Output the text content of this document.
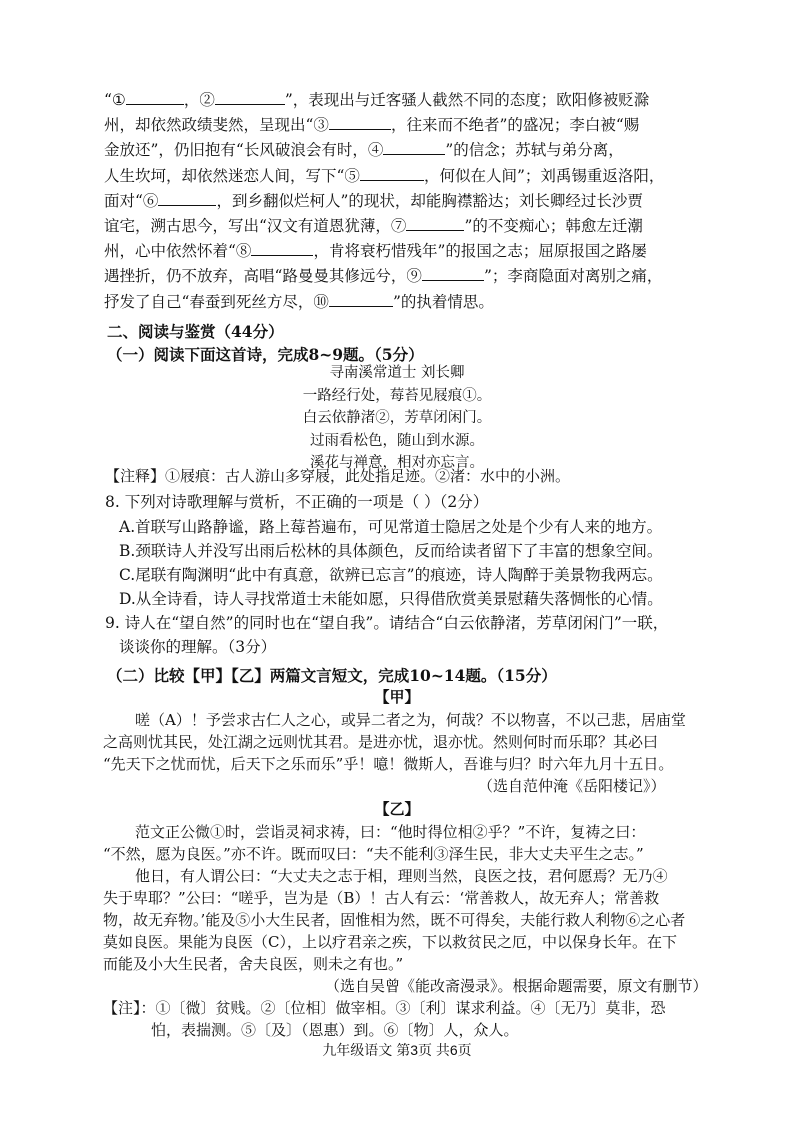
“①	，②	”，表现出与迁客骚人截然不同的态度；欧阳修被贬滁
州，却依然政绩斐然，呈现出“③	，往来而不绝者”的盛况；李白被“赐
金放还”，仍旧抱有“长风破浪会有时，④	”的信念；苏轼与弟分离，
人生坎坷，却依然迷恋人间，写下“⑤	，何似在人间”；刘禹锡重返洛阳，
面对“⑥	，到乡翻似烂柯人”的现状，却能胸襟豁达；刘长卿经过长沙贾
谊宅，溯古思今，写出“汉文有道恩犹薄，⑦	”的不变痴心；韩愈左迁潮
州，心中依然怀着“⑧	，肯将衰朽惜残年”的报国之志；屈原报国之路屡
遇挫折，仍不放弃，高唱“路曼曼其修远兮，⑨	”；李商隐面对离别之痛，
抒发了自己“春蚕到死丝方尽，⑩	”的执着情思。
二、阅读与鉴赏（44分）
（一）阅读下面这首诗，完成8~9题。（5分）
寻南溪常道士 刘长卿
一路经行处，莓苔见屐痕①。
白云依静渚②，芳草闭闲门。
过雨看松色，随山到水源。
溪花与禅意，相对亦忘言。
【注释】①屐痕：古人游山多穿屐，此处指足迹。②渚：水中的小洲。
8. 下列对诗歌理解与赏析，不正确的一项是（ ）（2分）
A.首联写山路静谧，路上莓苔遍布，可见常道士隐居之处是个少有人来的地方。
B.颈联诗人并没写出雨后松林的具体颜色，反而给读者留下了丰富的想象空间。
C.尾联有陶渊明“此中有真意，欲辨已忘言”的痕迹，诗人陶醉于美景物我两忘。
D.从全诗看，诗人寻找常道士未能如愿，只得借欣赏美景慰藉失落惆怅的心情。
9. 诗人在“望自然”的同时也在“望自我”。请结合“白云依静渚，芳草闭闲门”一联，
谈谈你的理解。（3分）
（二）比较【甲】【乙】两篇文言短文，完成10~14题。（15分）
【甲】
嗟（A）！予尝求古仁人之心，或异二者之为，何哉？不以物喜，不以己悲，居庙堂
之高则忧其民，处江湖之远则忧其君。是进亦忧，退亦忧。然则何时而乐耶？其必曰
“先天下之忧而忧，后天下之乐而乐”乎！噫！微斯人，吾谁与归？时六年九月十五日。
（选自范仲淹《岳阳楼记》）
【乙】
范文正公微①时，尝诣灵祠求祷，曰：“他时得位相②乎？”不许，复祷之曰：
“不然，愿为良医。”亦不许。既而叹曰：“夫不能利③泽生民，非大丈夫平生之志。”
他日，有人谓公曰：“大丈夫之志于相，理则当然，良医之技，君何愿焉？无乃④
失于卑耶？”公曰：“嗟乎，岂为是（B）！古人有云：‘常善救人，故无弃人；常善救
物，故无弃物。’能及⑤小大生民者，固惟相为然，既不可得矣，夫能行救人利物⑥之心者
莫如良医。果能为良医（C），上以疗君亲之疾，下以救贫民之厄，中以保身长年。在下
而能及小大生民者，舍夫良医，则未之有也。”
（选自吴曾《能改斋漫录》。根据命题需要，原文有删节）
【注】：①〔微〕贫贱。②〔位相〕做宰相。③〔利〕谋求利益。④〔无乃〕莫非，恐
怕，表揣测。⑤〔及〕（恩惠）到。⑥〔物〕人，众人。
九年级语文 第3页 共6页
